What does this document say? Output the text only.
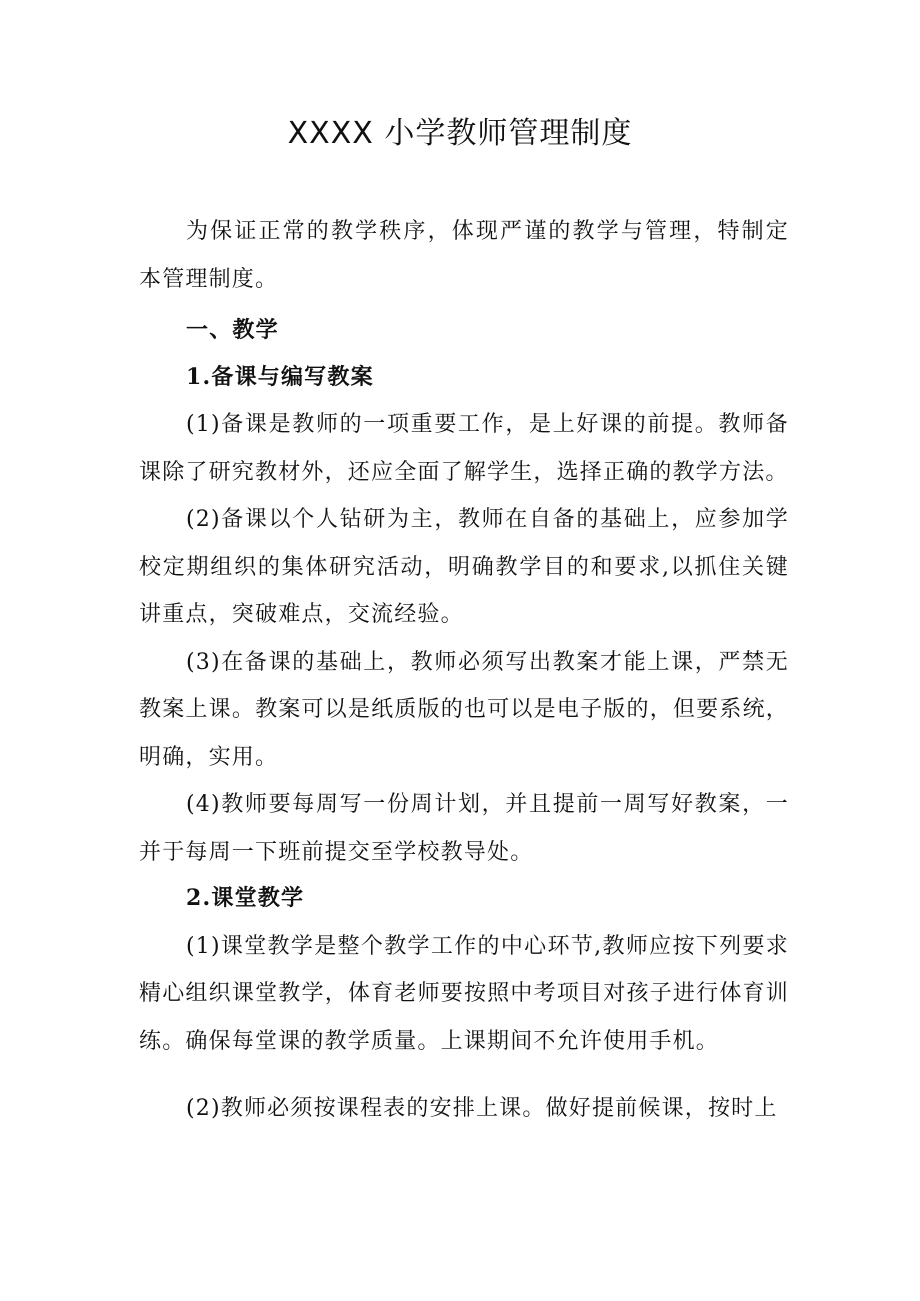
XXXX 小学教师管理制度

为保证正常的教学秩序，体现严谨的教学与管理，特制定本管理制度。

一、教学
1.备课与编写教案

(1)备课是教师的一项重要工作，是上好课的前提。教师备课除了研究教材外，还应全面了解学生，选择正确的教学方法。

(2)备课以个人钻研为主，教师在自备的基础上，应参加学校定期组织的集体研究活动，明确教学目的和要求,以抓住关键讲重点，突破难点，交流经验。

(3)在备课的基础上，教师必须写出教案才能上课，严禁无教案上课。教案可以是纸质版的也可以是电子版的，但要系统，明确，实用。

(4)教师要每周写一份周计划，并且提前一周写好教案，一并于每周一下班前提交至学校教导处。

2.课堂教学

(1)课堂教学是整个教学工作的中心环节,教师应按下列要求精心组织课堂教学，体育老师要按照中考项目对孩子进行体育训练。确保每堂课的教学质量。上课期间不允许使用手机。

(2)教师必须按课程表的安排上课。做好提前候课，按时上
